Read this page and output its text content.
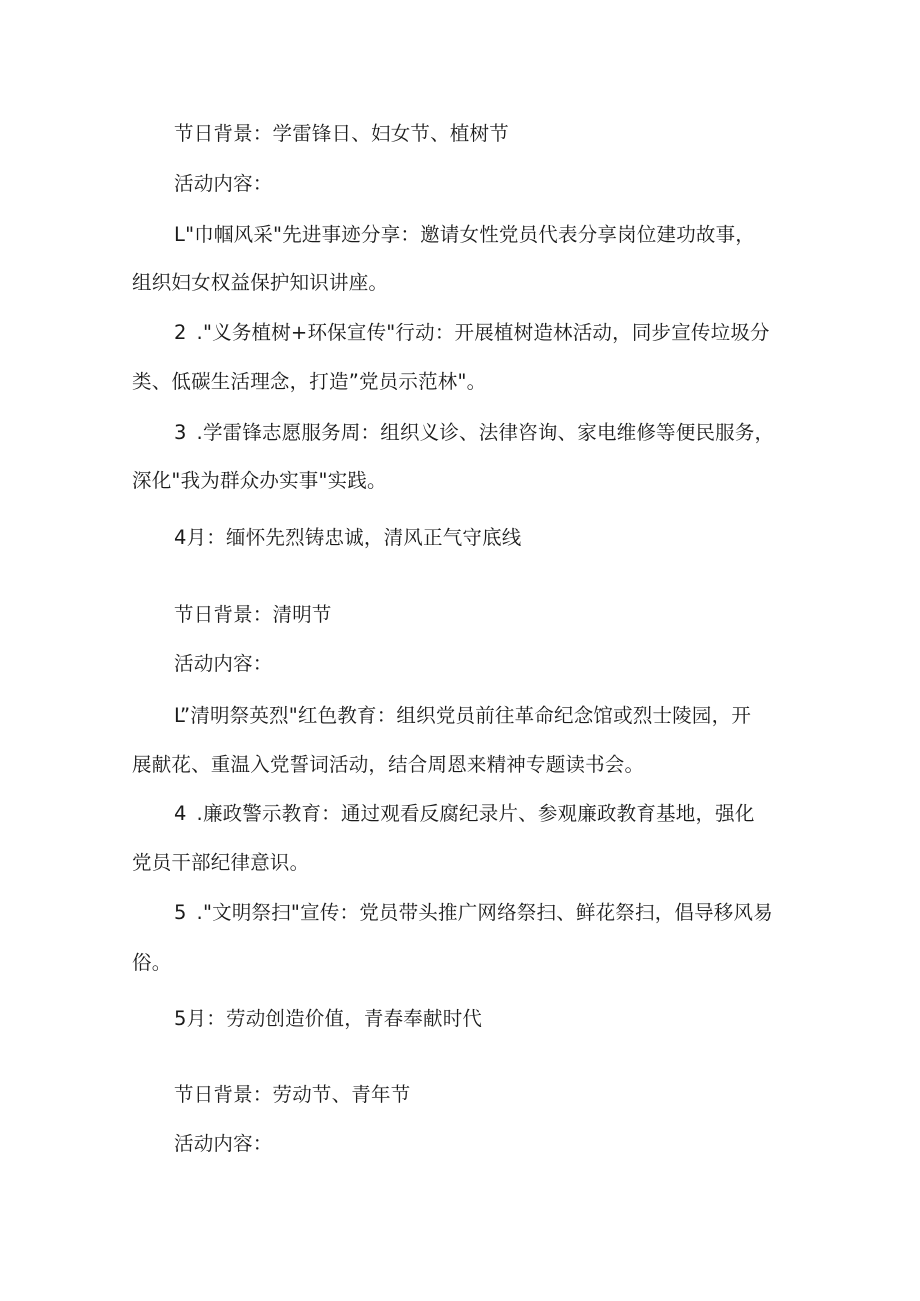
节日背景：学雷锋日、妇女节、植树节
活动内容：
L"巾帼风采"先进事迹分享：邀请女性党员代表分享岗位建功故事，
组织妇女权益保护知识讲座。
2 ."义务植树+环保宣传"行动：开展植树造林活动，同步宣传垃圾分
类、低碳生活理念，打造”党员示范林"。
3 .学雷锋志愿服务周：组织义诊、法律咨询、家电维修等便民服务，
深化"我为群众办实事"实践。
4月：缅怀先烈铸忠诚，清风正气守底线
节日背景：清明节
活动内容：
L”清明祭英烈"红色教育：组织党员前往革命纪念馆或烈士陵园，开
展献花、重温入党誓词活动，结合周恩来精神专题读书会。
4 .廉政警示教育：通过观看反腐纪录片、参观廉政教育基地，强化
党员干部纪律意识。
5 ."文明祭扫"宣传：党员带头推广网络祭扫、鲜花祭扫，倡导移风易
俗。
5月：劳动创造价值，青春奉献时代
节日背景：劳动节、青年节
活动内容：
